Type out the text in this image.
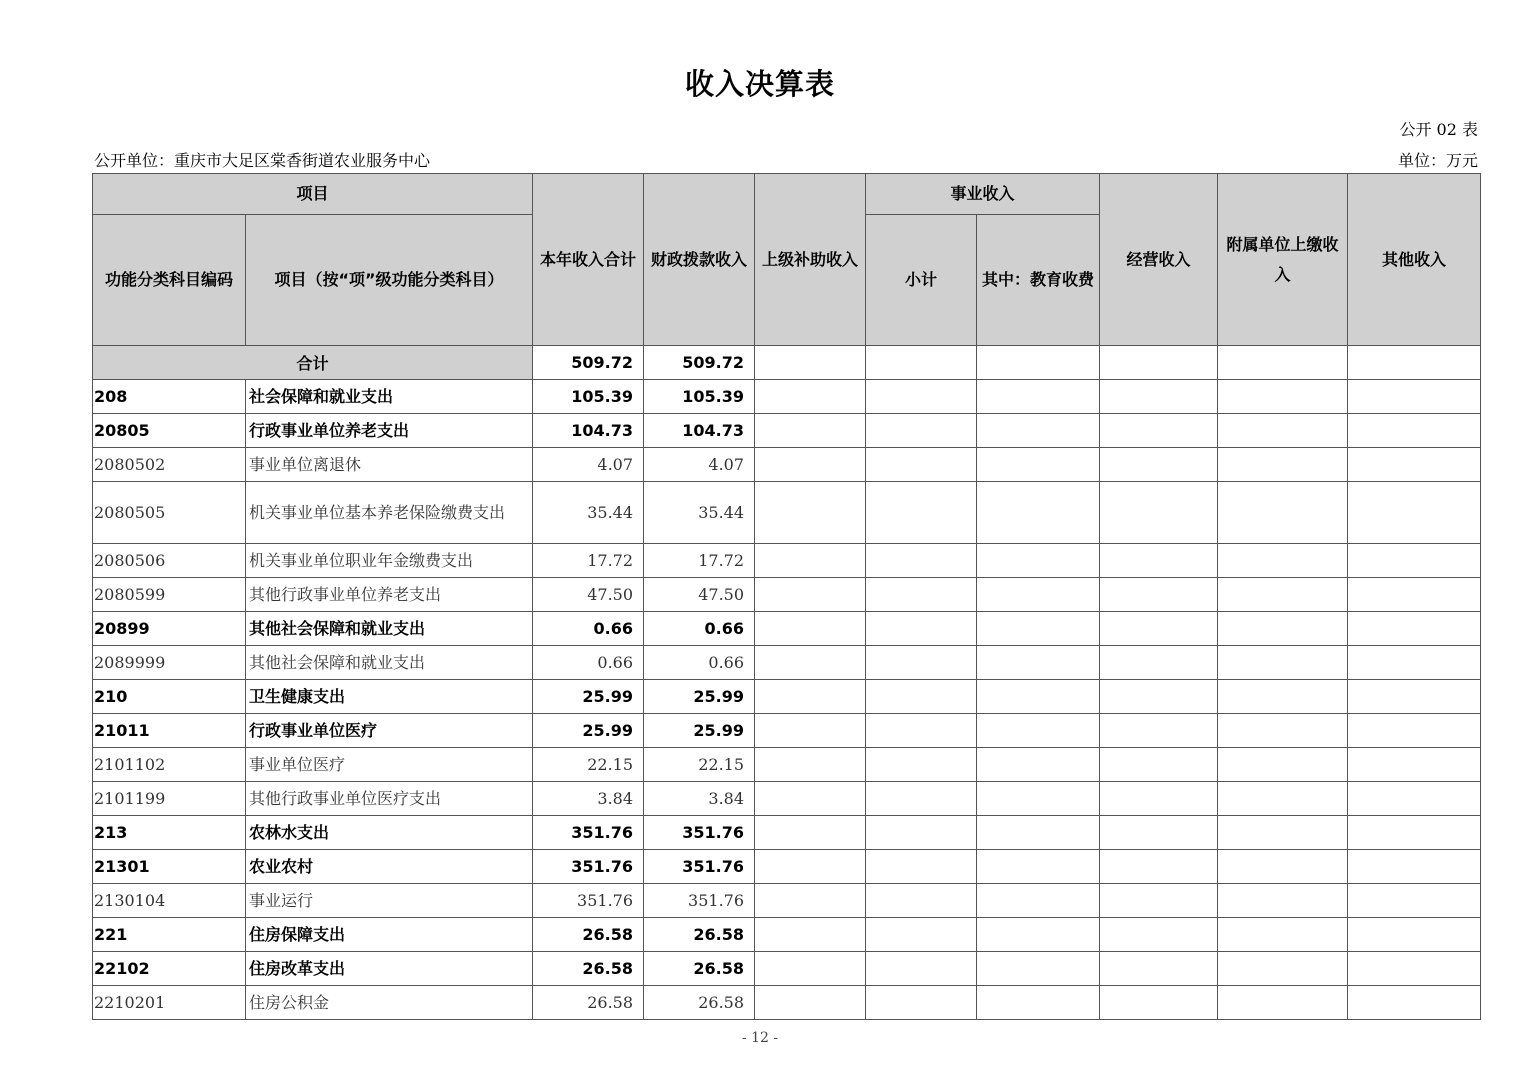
收入决算表
公开 02 表
公开单位：重庆市大足区棠香街道农业服务中心	单位：万元
项目		本年收入合计	财政拨款收入	上级补助收入	事业收入		经营收入	附属单位上缴收入	其他收入
功能分类科目编码	项目（按“项”级功能分类科目）				小计	其中：教育收费			
合计		509.72	509.72						
208	社会保障和就业支出	105.39	105.39						
20805	行政事业单位养老支出	104.73	104.73						
2080502	事业单位离退休	4.07	4.07						
2080505	机关事业单位基本养老保险缴费支出	35.44	35.44						
2080506	机关事业单位职业年金缴费支出	17.72	17.72						
2080599	其他行政事业单位养老支出	47.50	47.50						
20899	其他社会保障和就业支出	0.66	0.66						
2089999	其他社会保障和就业支出	0.66	0.66						
210	卫生健康支出	25.99	25.99						
21011	行政事业单位医疗	25.99	25.99						
2101102	事业单位医疗	22.15	22.15						
2101199	其他行政事业单位医疗支出	3.84	3.84						
213	农林水支出	351.76	351.76						
21301	农业农村	351.76	351.76						
2130104	事业运行	351.76	351.76						
221	住房保障支出	26.58	26.58						
22102	住房改革支出	26.58	26.58						
2210201	住房公积金	26.58	26.58						
- 12 -
